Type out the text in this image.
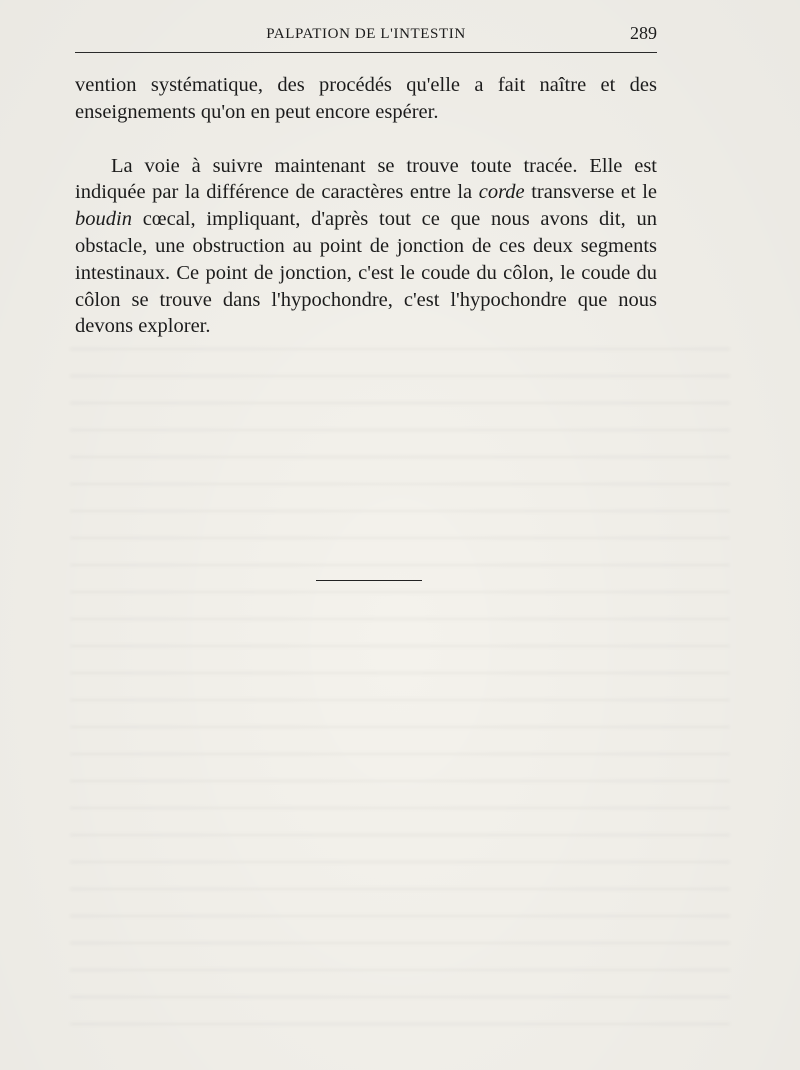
PALPATION DE L'INTESTIN	289

vention systématique, des procédés qu'elle a fait naître et des enseignements qu'on en peut encore espérer.

La voie à suivre maintenant se trouve toute tracée. Elle est indiquée par la différence de caractères entre la corde transverse et le boudin cœcal, impliquant, d'après tout ce que nous avons dit, un obstacle, une obstruction au point de jonction de ces deux segments intestinaux. Ce point de jonction, c'est le coude du côlon, le coude du côlon se trouve dans l'hypochondre, c'est l'hypochondre que nous devons explorer.
